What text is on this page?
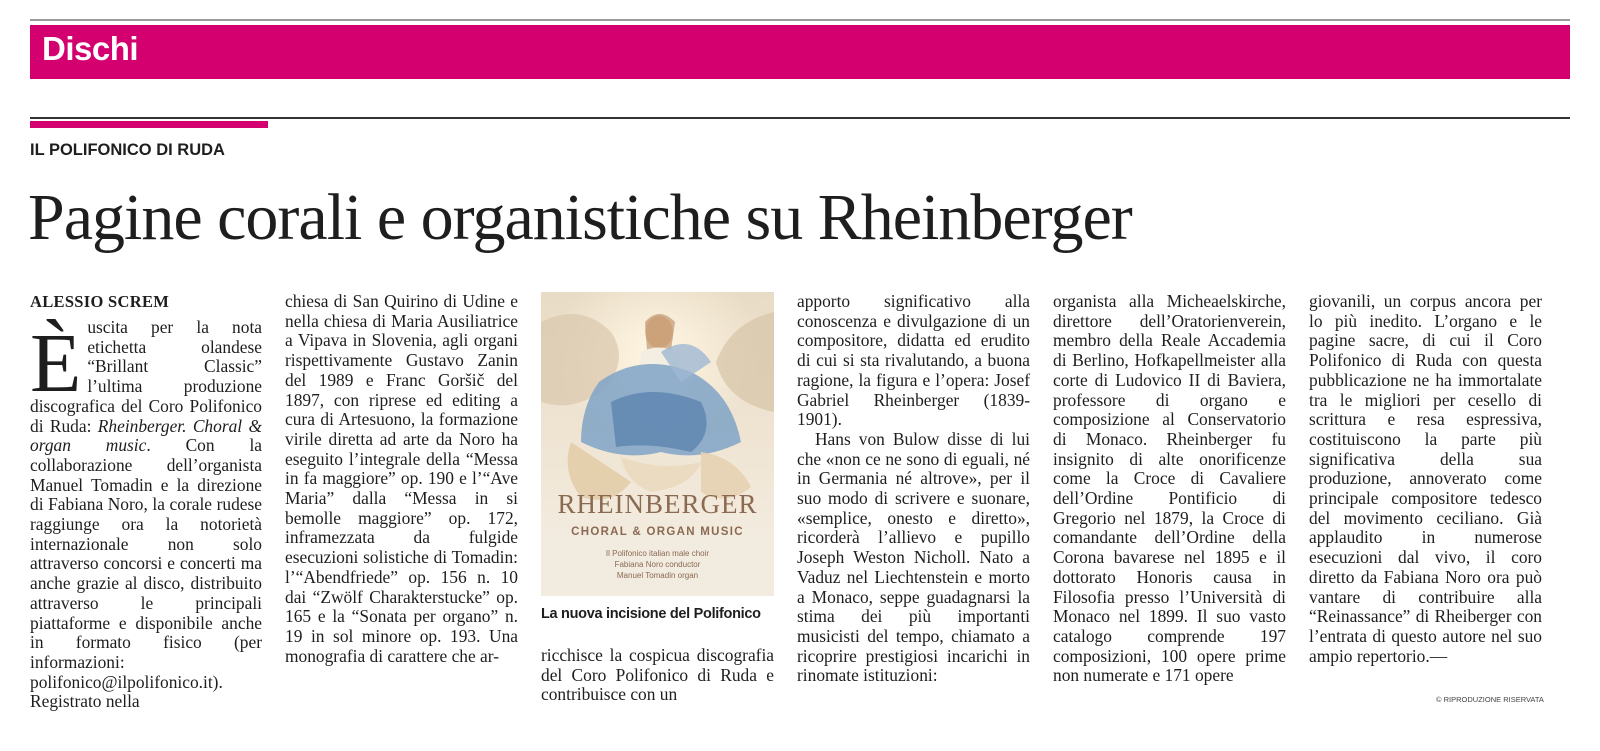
Dischi
IL POLIFONICO DI RUDA
Pagine corali e organistiche su Rheinberger
ALESSIO SCREM

Èuscita per la nota etichetta olandese “Brillant Classic” l’ultima produzione discografica del Coro Polifonico di Ruda: Rheinberger. Choral & organ music. Con la collaborazione dell’organista Manuel Tomadin e la direzione di Fabiana Noro, la corale rudese raggiunge ora la notorietà internazionale non solo attraverso concorsi e concerti ma anche grazie al disco, distribuito attraverso le principali piattaforme e disponibile anche in formato fisico (per informazioni: polifonico@ilpolifonico.it). Registrato nella

chiesa di San Quirino di Udine e nella chiesa di Maria Ausiliatrice a Vipava in Slovenia, agli organi rispettivamente Gustavo Zanin del 1989 e Franc Goršič del 1897, con riprese ed editing a cura di Artesuono, la formazione virile diretta ad arte da Noro ha eseguito l’integrale della “Messa in fa maggiore” op. 190 e l’“Ave Maria” dalla “Messa in si bemolle maggiore” op. 172, inframezzata da fulgide esecuzioni solistiche di Tomadin: l’“Abendfriede” op. 156 n. 10 dai “Zwölf Charakterstucke” op. 165 e la “Sonata per organo” n. 19 in sol minore op. 193. Una monografia di carattere che ar-

RHEINBERGER
CHORAL & ORGAN MUSIC
Il Polifonico italian male choir
Fabiana Noro conductor
Manuel Tomadin organ
La nuova incisione del Polifonico

ricchisce la cospicua discografia del Coro Polifonico di Ruda e contribuisce con un

apporto significativo alla conoscenza e divulgazione di un compositore, didatta ed erudito di cui si sta rivalutando, a buona ragione, la figura e l’opera: Josef Gabriel Rheinberger (1839-1901).

Hans von Bulow disse di lui che «non ce ne sono di eguali, né in Germania né altrove», per il suo modo di scrivere e suonare, «semplice, onesto e diretto», ricorderà l’allievo e pupillo Joseph Weston Nicholl. Nato a Vaduz nel Liechtenstein e morto a Monaco, seppe guadagnarsi la stima dei più importanti musicisti del tempo, chiamato a ricoprire prestigiosi incarichi in rinomate istituzioni:

organista alla Micheaelskirche, direttore dell’Oratorienverein, membro della Reale Accademia di Berlino, Hofkapellmeister alla corte di Ludovico II di Baviera, professore di organo e composizione al Conservatorio di Monaco. Rheinberger fu insignito di alte onorificenze come la Croce di Cavaliere dell’Ordine Pontificio di Gregorio nel 1879, la Croce di comandante dell’Ordine della Corona bavarese nel 1895 e il dottorato Honoris causa in Filosofia presso l’Università di Monaco nel 1899. Il suo vasto catalogo comprende 197 composizioni, 100 opere prime non numerate e 171 opere

giovanili, un corpus ancora per lo più inedito. L’organo e le pagine sacre, di cui il Coro Polifonico di Ruda con questa pubblicazione ne ha immortalate tra le migliori per cesello di scrittura e resa espressiva, costituiscono la parte più significativa della sua produzione, annoverato come principale compositore tedesco del movimento ceciliano. Già applaudito in numerose esecuzioni dal vivo, il coro diretto da Fabiana Noro ora può vantare di contribuire alla “Reinassance” di Rheiberger con l’entrata di questo autore nel suo ampio repertorio.—

© RIPRODUZIONE RISERVATA
